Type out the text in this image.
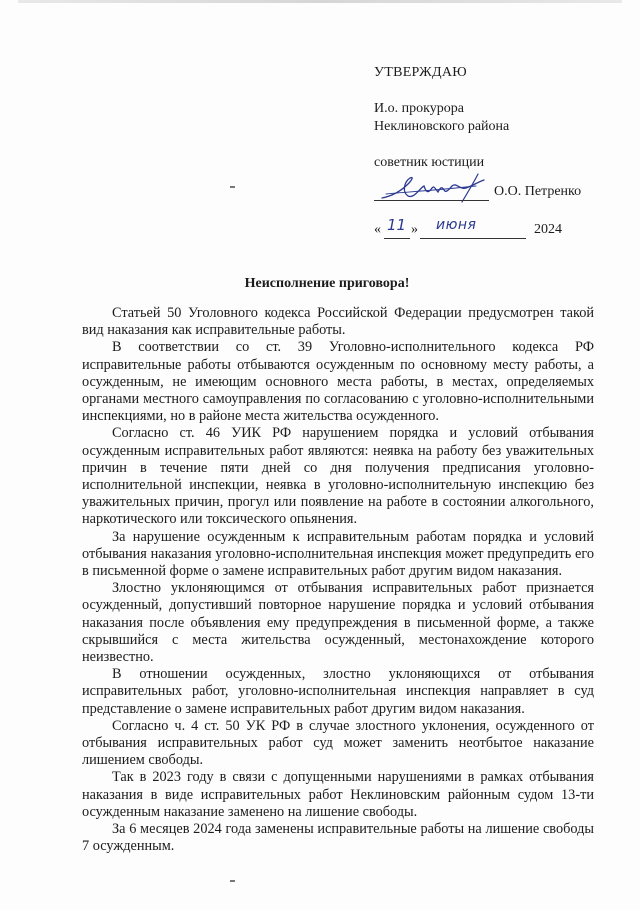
УТВЕРЖДАЮ
И.о. прокурора
Неклиновского района
советник юстиции
О.О. Петренко
« 11 » июня	2024
Неисполнение приговора!

Статьей 50 Уголовного кодекса Российской Федерации предусмотрен такой вид наказания как исправительные работы.

В соответствии со ст. 39 Уголовно-исполнительного кодекса РФ исправительные работы отбываются осужденным по основному месту работы, а осужденным, не имеющим основного места работы, в местах, определяемых органами местного самоуправления по согласованию с уголовно-исполнительными инспекциями, но в районе места жительства осужденного.

Согласно ст. 46 УИК РФ нарушением порядка и условий отбывания осужденным исправительных работ являются: неявка на работу без уважительных причин в течение пяти дней со дня получения предписания уголовно-исполнительной инспекции, неявка в уголовно-исполнительную инспекцию без уважительных причин, прогул или появление на работе в состоянии алкогольного, наркотического или токсического опьянения.

За нарушение осужденным к исправительным работам порядка и условий отбывания наказания уголовно-исполнительная инспекция может предупредить его в письменной форме о замене исправительных работ другим видом наказания.

Злостно уклоняющимся от отбывания исправительных работ признается осужденный, допустивший повторное нарушение порядка и условий отбывания наказания после объявления ему предупреждения в письменной форме, а также скрывшийся с места жительства осужденный, местонахождение которого неизвестно.

В отношении осужденных, злостно уклоняющихся от отбывания исправительных работ, уголовно-исполнительная инспекция направляет в суд представление о замене исправительных работ другим видом наказания.

Согласно ч. 4 ст. 50 УК РФ в случае злостного уклонения, осужденного от отбывания исправительных работ суд может заменить неотбытое наказание лишением свободы.

Так в 2023 году в связи с допущенными нарушениями в рамках отбывания наказания в виде исправительных работ Неклиновским районным судом 13-ти осужденным наказание заменено на лишение свободы.

За 6 месяцев 2024 года заменены исправительные работы на лишение свободы 7 осужденным.
